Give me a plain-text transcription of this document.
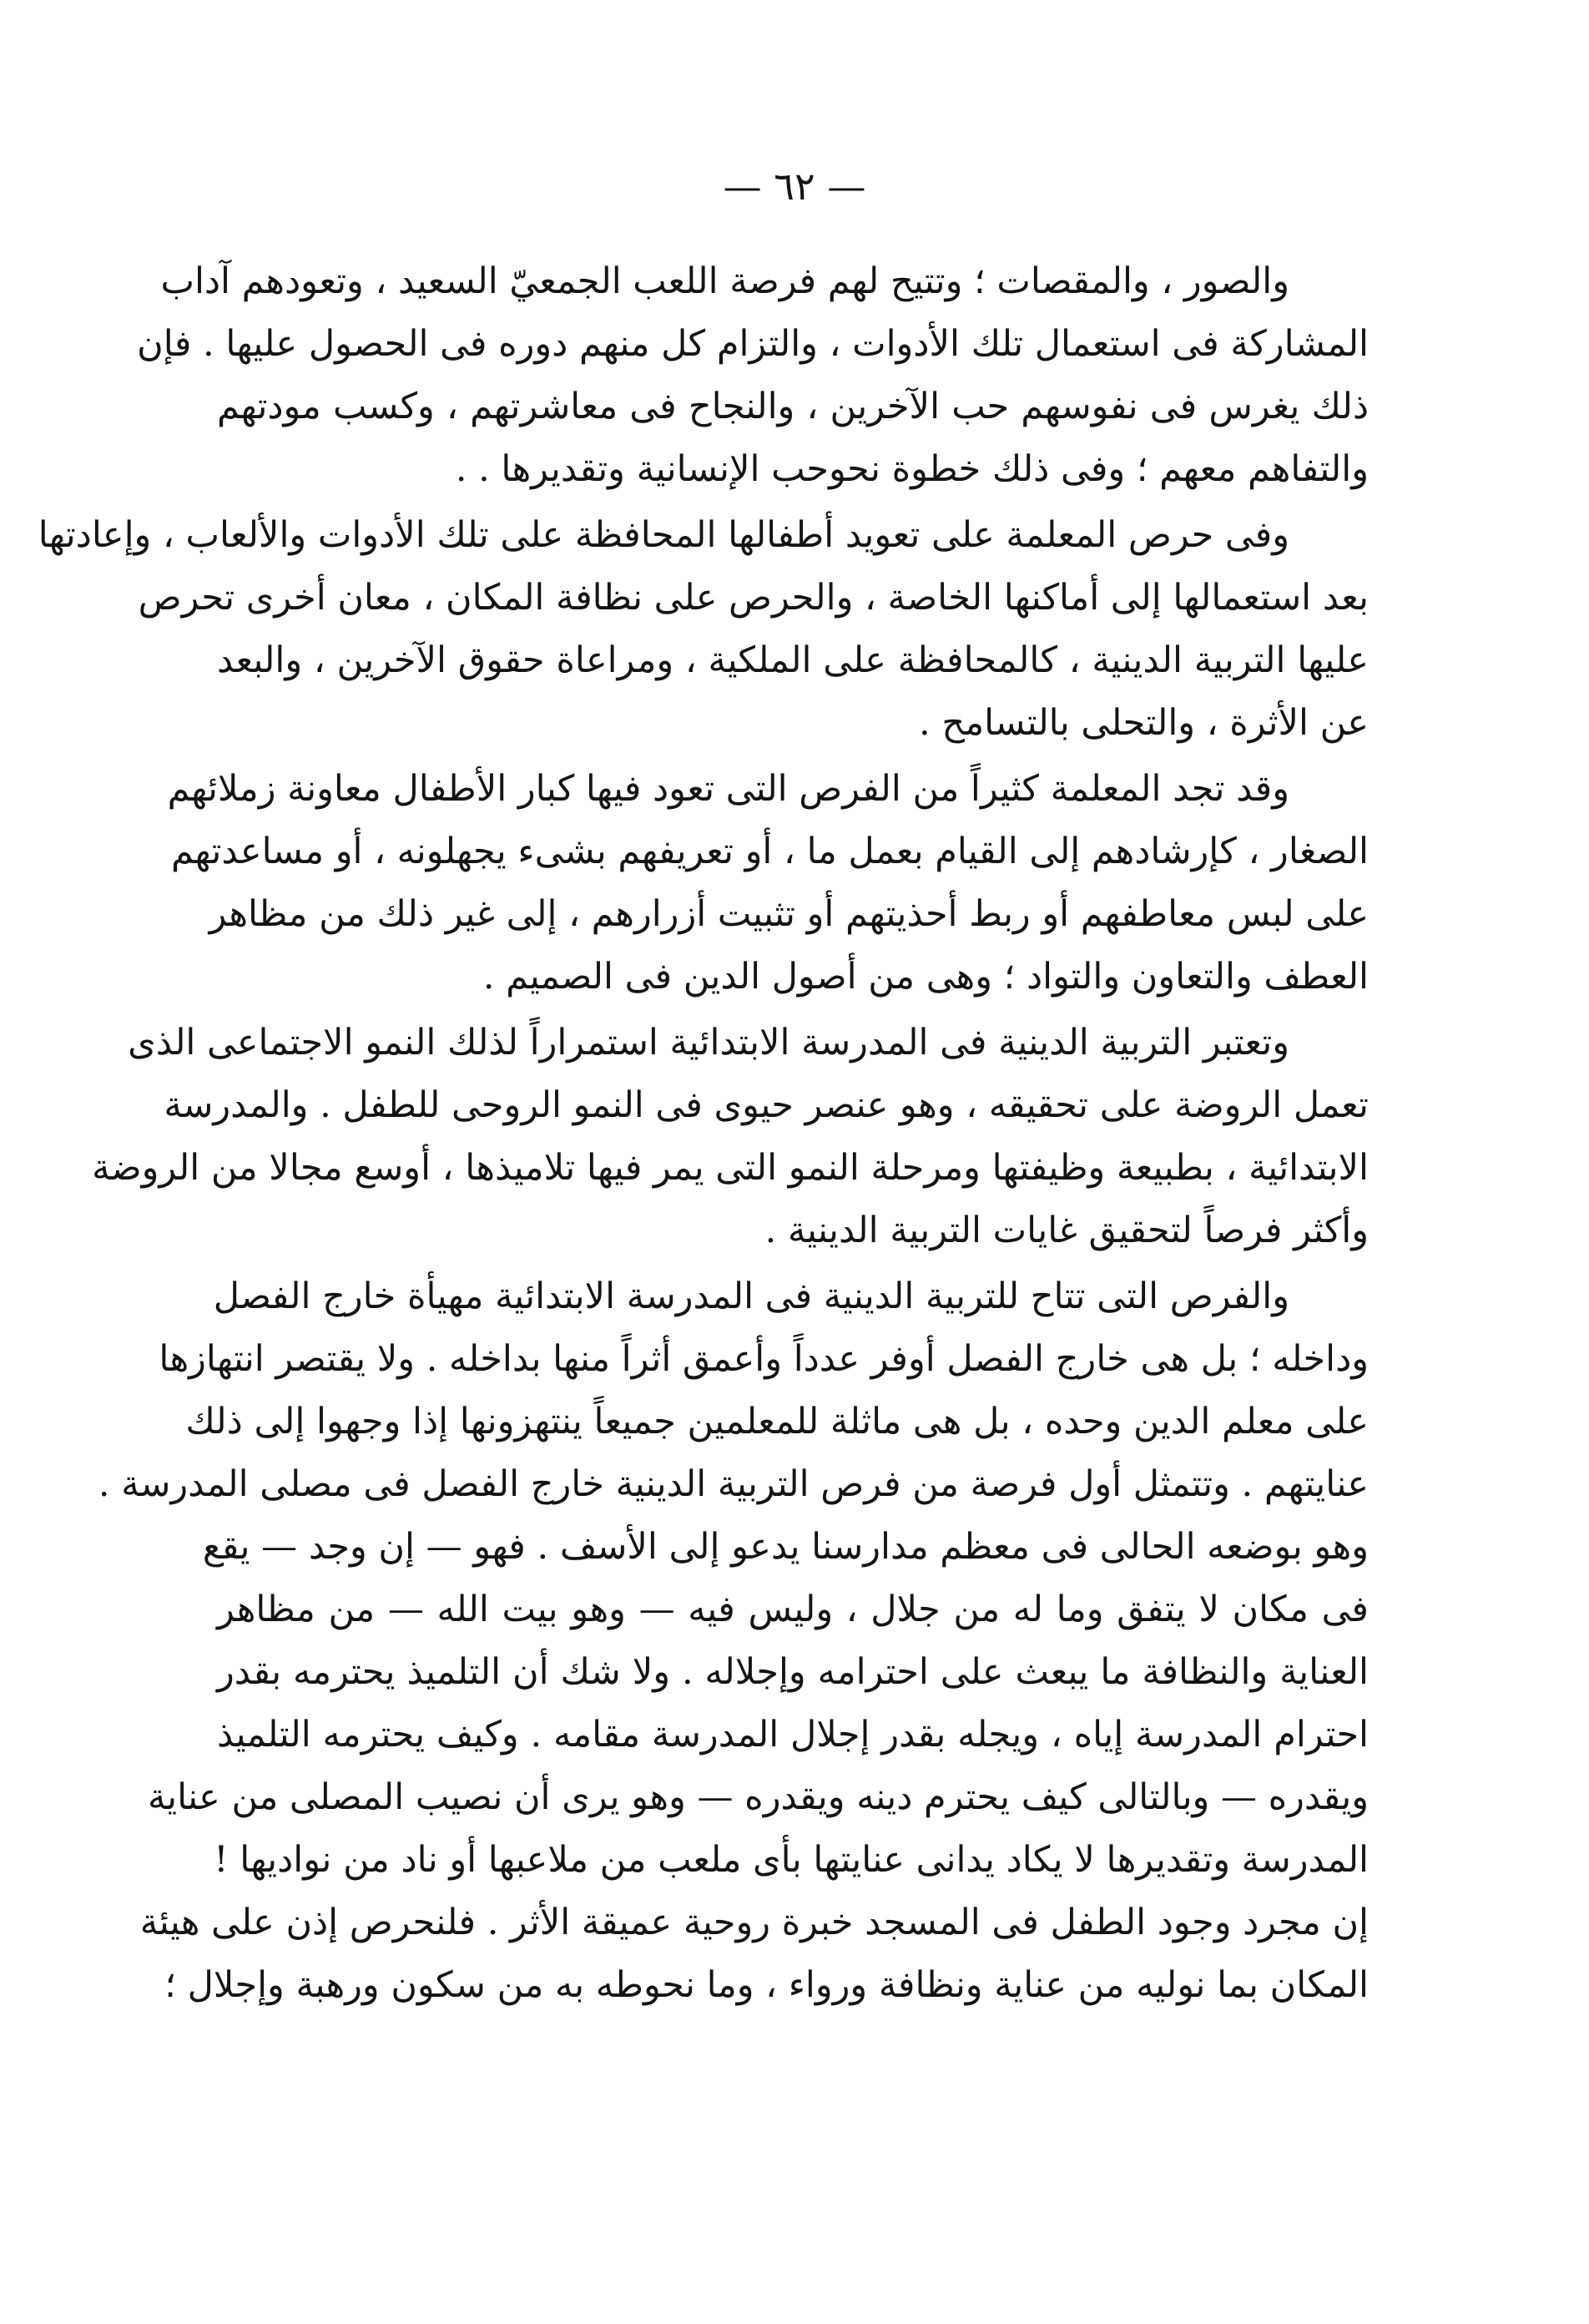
— ٦٢ —
والصور ، والمقصات ؛ وتتيح لهم فرصة اللعب الجمعيّ السعيد ، وتعودهم آداب
المشاركة فى استعمال تلك الأدوات ، والتزام كل منهم دوره فى الحصول عليها . فإن
ذلك يغرس فى نفوسهم حب الآخرين ، والنجاح فى معاشرتهم ، وكسب مودتهم
والتفاهم معهم ؛ وفى ذلك خطوة نحوحب الإنسانية وتقديرها . .
وفى حرص المعلمة على تعويد أطفالها المحافظة على تلك الأدوات والألعاب ، وإعادتها
بعد استعمالها إلى أماكنها الخاصة ، والحرص على نظافة المكان ، معان أخرى تحرص
عليها التربية الدينية ، كالمحافظة على الملكية ، ومراعاة حقوق الآخرين ، والبعد
عن الأثرة ، والتحلى بالتسامح .
وقد تجد المعلمة كثيراً من الفرص التى تعود فيها كبار الأطفال معاونة زملائهم
الصغار ، كإرشادهم إلى القيام بعمل ما ، أو تعريفهم بشىء يجهلونه ، أو مساعدتهم
على لبس معاطفهم أو ربط أحذيتهم أو تثبيت أزرارهم ، إلى غير ذلك من مظاهر
العطف والتعاون والتواد ؛ وهى من أصول الدين فى الصميم .
وتعتبر التربية الدينية فى المدرسة الابتدائية استمراراً لذلك النمو الاجتماعى الذى
تعمل الروضة على تحقيقه ، وهو عنصر حيوى فى النمو الروحى للطفل . والمدرسة
الابتدائية ، بطبيعة وظيفتها ومرحلة النمو التى يمر فيها تلاميذها ، أوسع مجالا من الروضة
وأكثر فرصاً لتحقيق غايات التربية الدينية .
والفرص التى تتاح للتربية الدينية فى المدرسة الابتدائية مهيأة خارج الفصل
وداخله ؛ بل هى خارج الفصل أوفر عدداً وأعمق أثراً منها بداخله . ولا يقتصر انتهازها
على معلم الدين وحده ، بل هى ماثلة للمعلمين جميعاً ينتهزونها إذا وجهوا إلى ذلك
عنايتهم . وتتمثل أول فرصة من فرص التربية الدينية خارج الفصل فى مصلى المدرسة .
وهو بوضعه الحالى فى معظم مدارسنا يدعو إلى الأسف . فهو — إن وجد — يقع
فى مكان لا يتفق وما له من جلال ، وليس فيه — وهو بيت الله — من مظاهر
العناية والنظافة ما يبعث على احترامه وإجلاله . ولا شك أن التلميذ يحترمه بقدر
احترام المدرسة إياه ، ويجله بقدر إجلال المدرسة مقامه . وكيف يحترمه التلميذ
ويقدره — وبالتالى كيف يحترم دينه ويقدره — وهو يرى أن نصيب المصلى من عناية
المدرسة وتقديرها لا يكاد يدانى عنايتها بأى ملعب من ملاعبها أو ناد من نواديها !
إن مجرد وجود الطفل فى المسجد خبرة روحية عميقة الأثر . فلنحرص إذن على هيئة
المكان بما نوليه من عناية ونظافة ورواء ، وما نحوطه به من سكون ورهبة وإجلال ؛
